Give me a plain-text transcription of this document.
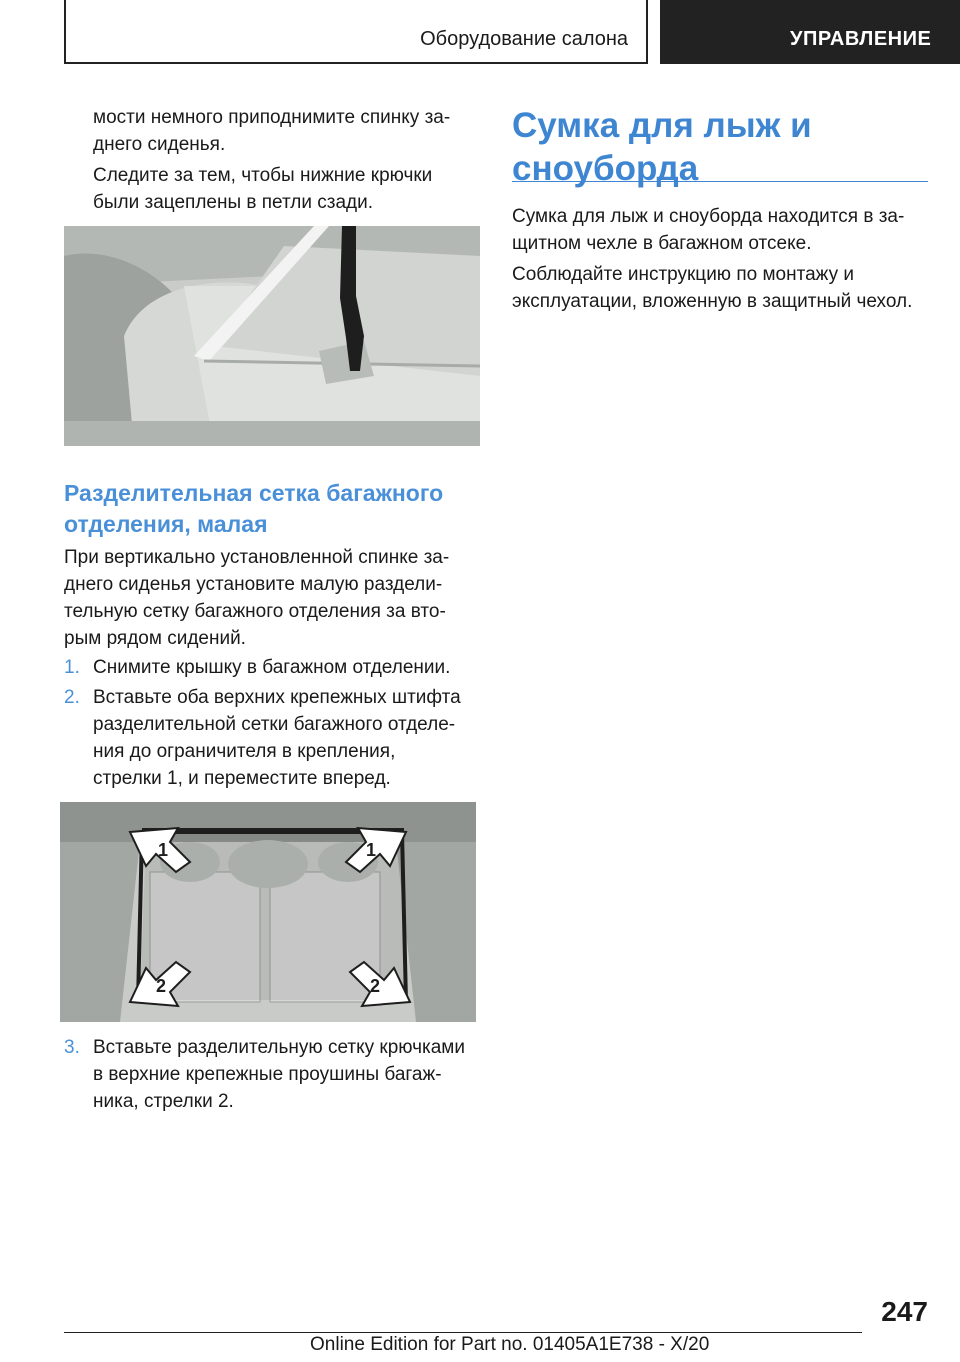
Оборудование салона	УПРАВЛЕНИЕ
мости немного приподнимите спинку за‐
днего сиденья.
Следите за тем, чтобы нижние крючки
были зацеплены в петли сзади.
Разделительная сетка багажного
отделения, малая
При вертикально установленной спинке за‐
днего сиденья установите малую раздели‐
тельную сетку багажного отделения за вто‐
рым рядом сидений.
1. Снимите крышку в багажном отделении.
2. Вставьте оба верхних крепежных штифта
разделительной сетки багажного отделе‐
ния до ограничителя в крепления,
стрелки 1, и переместите вперед.
1	1
2	2
3. Вставьте разделительную сетку крючками
в верхние крепежные проушины багаж‐
ника, стрелки 2.
Сумка для лыж и
сноуборда
Сумка для лыж и сноуборда находится в за‐
щитном чехле в багажном отсеке.
Соблюдайте инструкцию по монтажу и
эксплуатации, вложенную в защитный чехол.
247
Online Edition for Part no. 01405A1E738 - X/20
